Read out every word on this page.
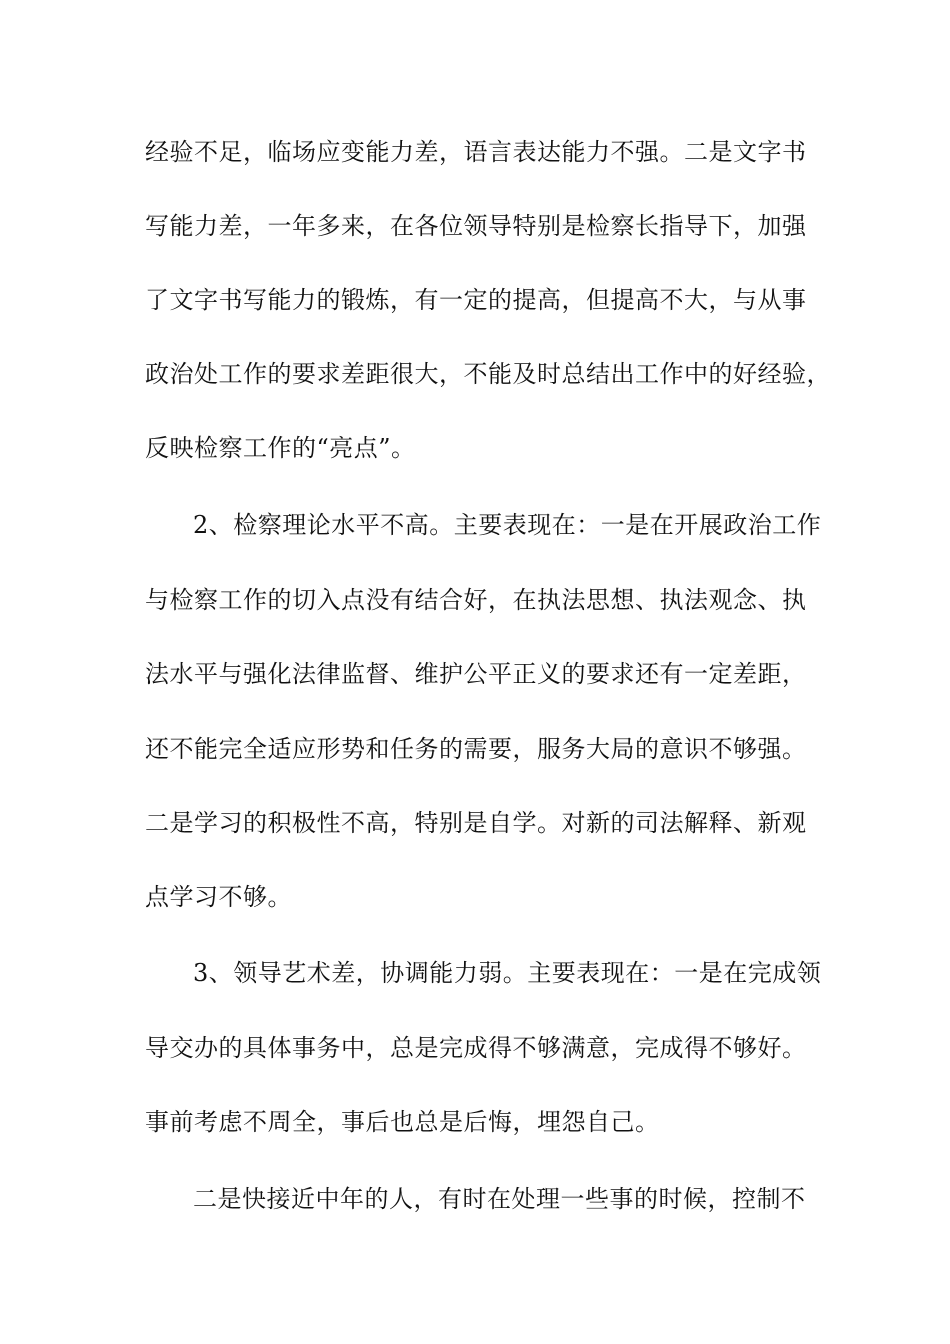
经验不足，临场应变能力差，语言表达能力不强。二是文字书
写能力差，一年多来，在各位领导特别是检察长指导下，加强
了文字书写能力的锻炼，有一定的提高，但提高不大，与从事
政治处工作的要求差距很大，不能及时总结出工作中的好经验，
反映检察工作的“亮点”。
2、检察理论水平不高。主要表现在：一是在开展政治工作
与检察工作的切入点没有结合好，在执法思想、执法观念、执
法水平与强化法律监督、维护公平正义的要求还有一定差距，
还不能完全适应形势和任务的需要，服务大局的意识不够强。
二是学习的积极性不高，特别是自学。对新的司法解释、新观
点学习不够。
3、领导艺术差，协调能力弱。主要表现在：一是在完成领
导交办的具体事务中，总是完成得不够满意，完成得不够好。
事前考虑不周全，事后也总是后悔，埋怨自己。
二是快接近中年的人，有时在处理一些事的时候，控制不
